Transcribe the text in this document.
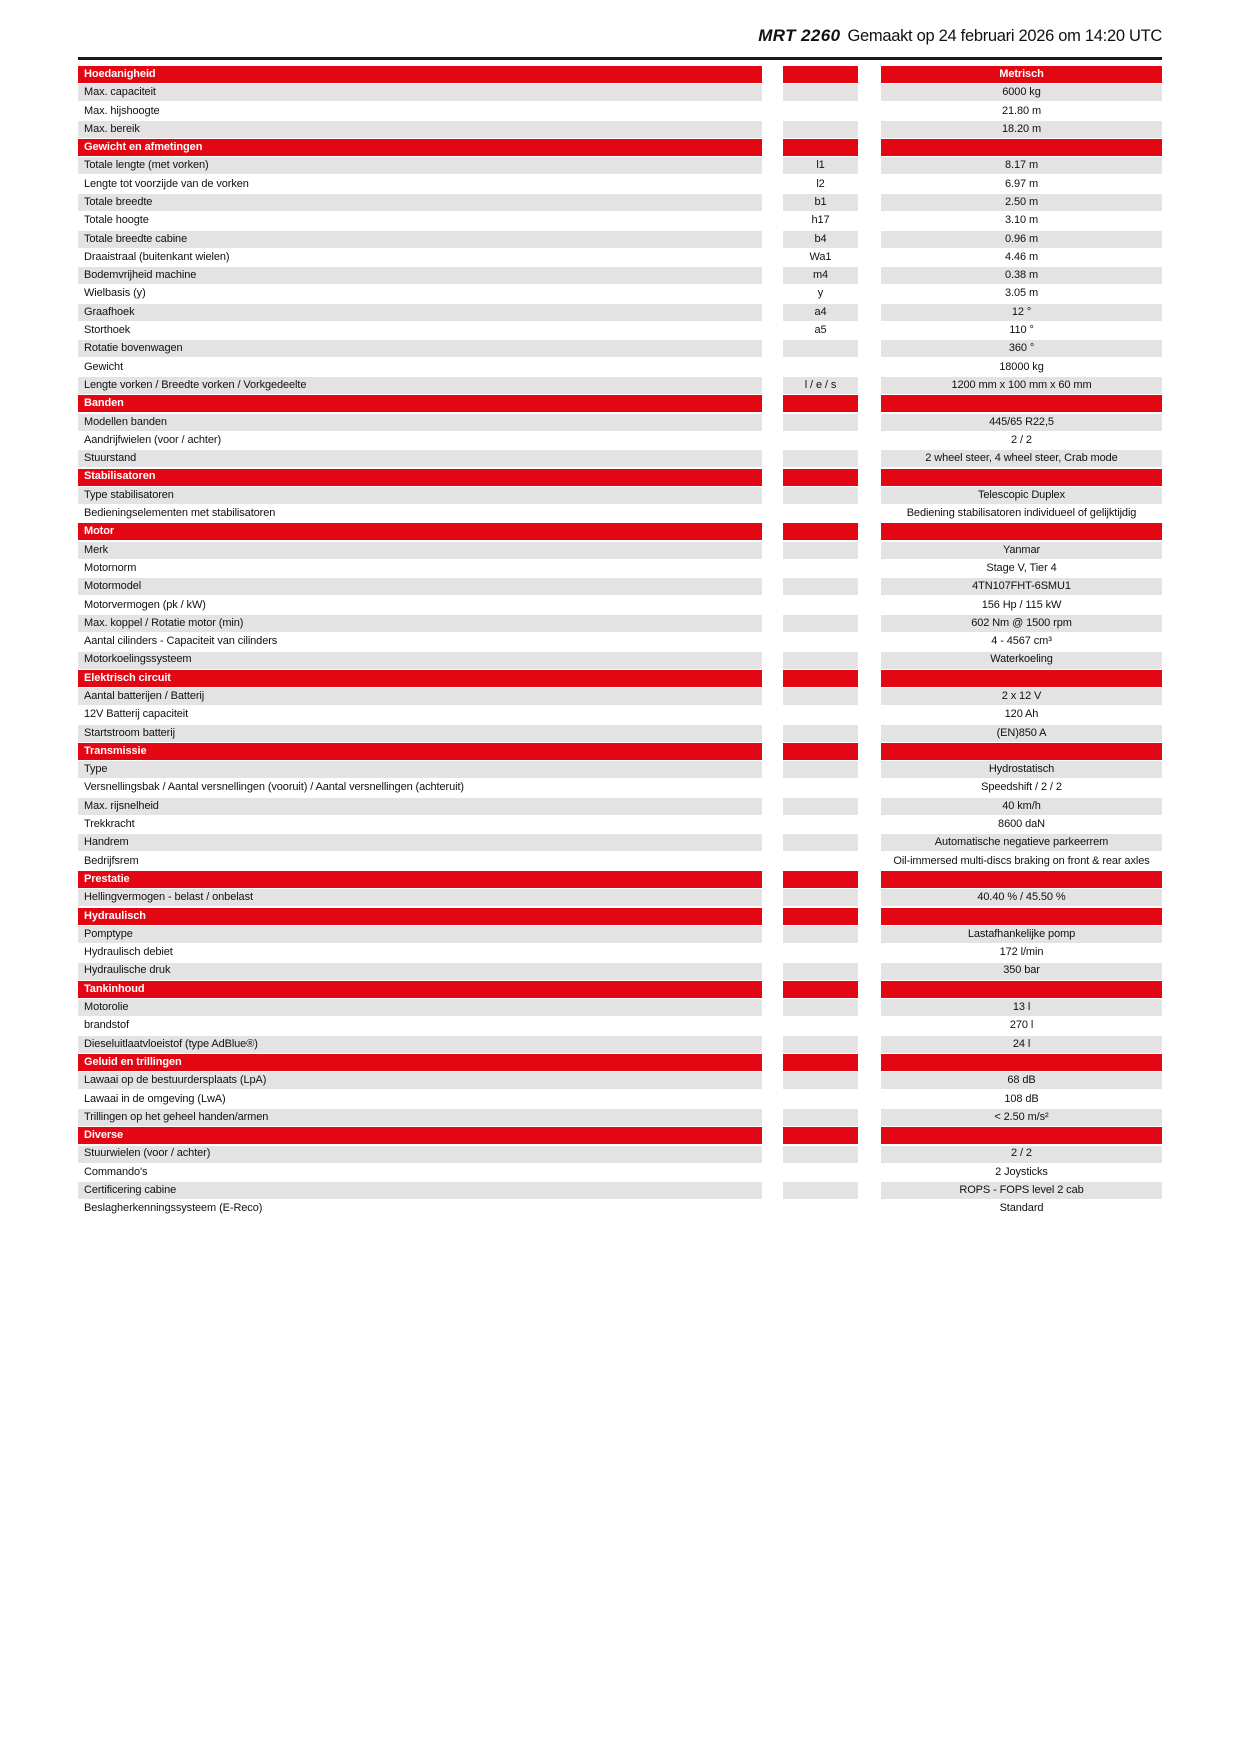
MRT 2260 Gemaakt op 24 februari 2026 om 14:20 UTC
Hoedanigheid	Metrisch
Max. capaciteit	6000 kg
Max. hijshoogte	21.80 m
Max. bereik	18.20 m
Gewicht en afmetingen
Totale lengte (met vorken)	l1	8.17 m
Lengte tot voorzijde van de vorken	l2	6.97 m
Totale breedte	b1	2.50 m
Totale hoogte	h17	3.10 m
Totale breedte cabine	b4	0.96 m
Draaistraal (buitenkant wielen)	Wa1	4.46 m
Bodemvrijheid machine	m4	0.38 m
Wielbasis (y)	y	3.05 m
Graafhoek	a4	12 °
Storthoek	a5	110 °
Rotatie bovenwagen	360 °
Gewicht	18000 kg
Lengte vorken / Breedte vorken / Vorkgedeelte	l / e / s	1200 mm x 100 mm x 60 mm
Banden
Modellen banden	445/65 R22,5
Aandrijfwielen (voor / achter)	2 / 2
Stuurstand	2 wheel steer, 4 wheel steer, Crab mode
Stabilisatoren
Type stabilisatoren	Telescopic Duplex
Bedieningselementen met stabilisatoren	Bediening stabilisatoren individueel of gelijktijdig
Motor
Merk	Yanmar
Motornorm	Stage V, Tier 4
Motormodel	4TN107FHT-6SMU1
Motorvermogen (pk / kW)	156 Hp / 115 kW
Max. koppel / Rotatie motor (min)	602 Nm @ 1500 rpm
Aantal cilinders - Capaciteit van cilinders	4 - 4567 cm³
Motorkoelingssysteem	Waterkoeling
Elektrisch circuit
Aantal batterijen / Batterij	2 x 12 V
12V Batterij capaciteit	120 Ah
Startstroom batterij	(EN)850 A
Transmissie
Type	Hydrostatisch
Versnellingsbak / Aantal versnellingen (vooruit) / Aantal versnellingen (achteruit)	Speedshift / 2 / 2
Max. rijsnelheid	40 km/h
Trekkracht	8600 daN
Handrem	Automatische negatieve parkeerrem
Bedrijfsrem	Oil-immersed multi-discs braking on front & rear axles
Prestatie
Hellingvermogen - belast / onbelast	40.40 % / 45.50 %
Hydraulisch
Pomptype	Lastafhankelijke pomp
Hydraulisch debiet	172 l/min
Hydraulische druk	350 bar
Tankinhoud
Motorolie	13 l
brandstof	270 l
Dieseluitlaatvloeistof (type AdBlue®)	24 l
Geluid en trillingen
Lawaai op de bestuurdersplaats (LpA)	68 dB
Lawaai in de omgeving (LwA)	108 dB
Trillingen op het geheel handen/armen	< 2.50 m/s²
Diverse
Stuurwielen (voor / achter)	2 / 2
Commando's	2 Joysticks
Certificering cabine	ROPS - FOPS level 2 cab
Beslagherkenningssysteem (E-Reco)	Standard
